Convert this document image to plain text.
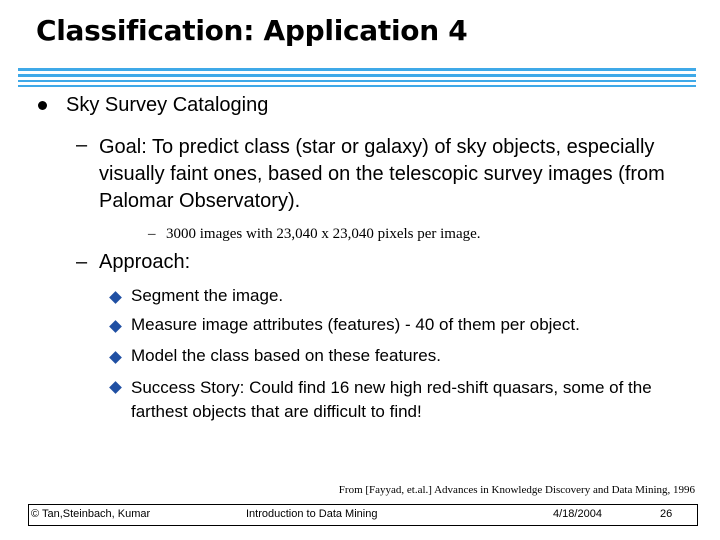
Classification: Application 4
Sky Survey Cataloging
– Goal: To predict class (star or galaxy) of sky objects, especially visually faint ones, based on the telescopic survey images (from Palomar Observatory).
– 3000 images with 23,040 x 23,040 pixels per image.
– Approach:
Segment the image.
Measure image attributes (features) - 40 of them per object.
Model the class based on these features.
Success Story: Could find 16 new high red-shift quasars, some of the farthest objects that are difficult to find!
From [Fayyad, et.al.] Advances in Knowledge Discovery and Data Mining, 1996
© Tan,Steinbach, Kumar	Introduction to Data Mining	4/18/2004	26
